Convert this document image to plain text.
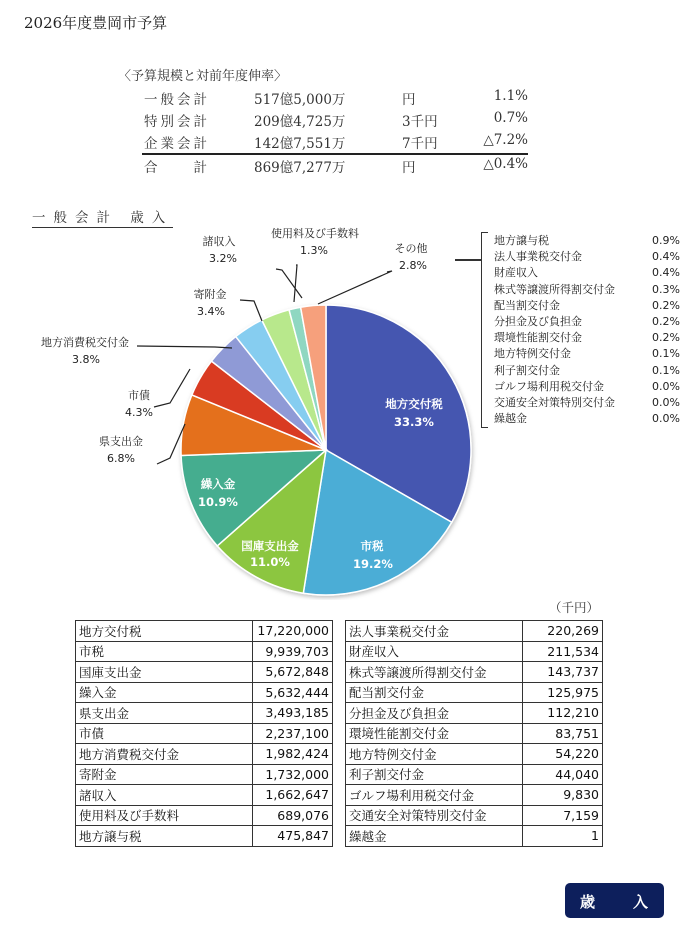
2026年度豊岡市予算
〈予算規模と対前年度伸率〉
一般会計	517億5,000万	円	1.1%
特別会計	209億4,725万	3千円	0.7%
企業会計	142億7,551万	7千円	△7.2%
合　　計	869億7,277万	円	△0.4%
一般会計 歳入
諸収入
3.2%
使用料及び手数料
1.3%	その他
2.8%
寄附金
3.4%
地方消費税交付金
3.8%
市債
4.3%
県支出金
6.8%
地方交付税
33.3%
市税
19.2%
国庫支出金
11.0%
繰入金
10.9%
地方譲与税	0.9%
法人事業税交付金	0.4%
財産収入	0.4%
株式等譲渡所得割交付金	0.3%
配当割交付金	0.2%
分担金及び負担金	0.2%
環境性能割交付金	0.2%
地方特例交付金	0.1%
利子割交付金	0.1%
ゴルフ場利用税交付金	0.0%
交通安全対策特別交付金	0.0%
繰越金	0.0%
（千円）
地方交付税	17,220,000
市税	9,939,703
国庫支出金	5,672,848
繰入金	5,632,444
県支出金	3,493,185
市債	2,237,100
地方消費税交付金	1,982,424
寄附金	1,732,000
諸収入	1,662,647
使用料及び手数料	689,076
地方譲与税	475,847
法人事業税交付金	220,269
財産収入	211,534
株式等譲渡所得割交付金	143,737
配当割交付金	125,975
分担金及び負担金	112,210
環境性能割交付金	83,751
地方特例交付金	54,220
利子割交付金	44,040
ゴルフ場利用税交付金	9,830
交通安全対策特別交付金	7,159
繰越金	1
歳	入
